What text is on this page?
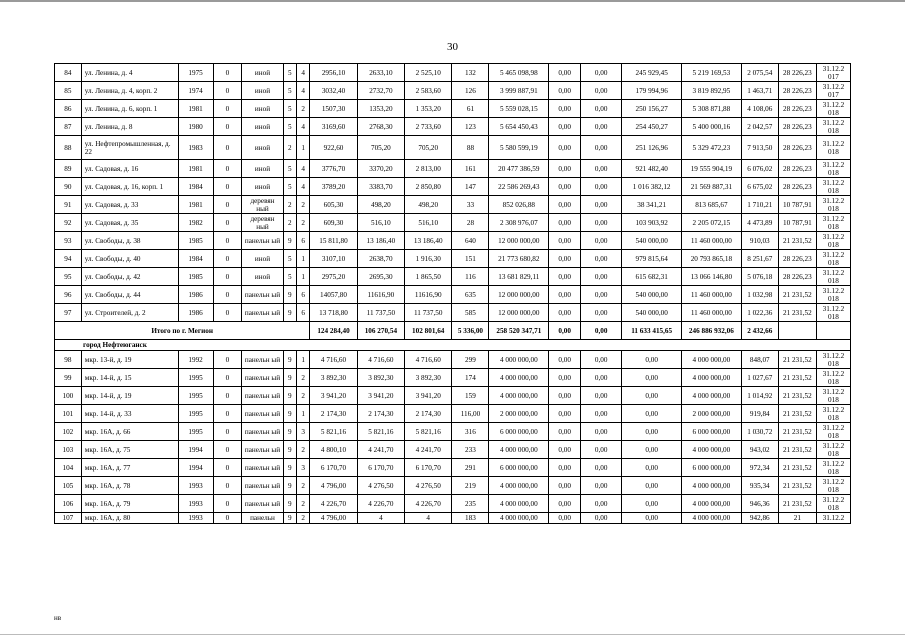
30
84	ул. Ленина, д. 4	1975	0	иной	5	4	2956,10	2633,10	2 525,10	132	5 465 098,98	0,00	0,00	245 929,45	5 219 169,53	2 075,54	28 226,23	31.12.2 017
85	ул. Ленина, д. 4, корп. 2	1974	0	иной	5	4	3032,40	2732,70	2 583,60	126	3 999 887,91	0,00	0,00	179 994,96	3 819 892,95	1 463,71	28 226,23	31.12.2 017
86	ул. Ленина, д. 6, корп. 1	1981	0	иной	5	2	1507,30	1353,20	1 353,20	61	5 559 028,15	0,00	0,00	250 156,27	5 308 871,88	4 108,06	28 226,23	31.12.2 018
87	ул. Ленина, д. 8	1980	0	иной	5	4	3169,60	2768,30	2 733,60	123	5 654 450,43	0,00	0,00	254 450,27	5 400 000,16	2 042,57	28 226,23	31.12.2 018
88	ул. Нефтепромышленная, д. 22	1983	0	иной	2	1	922,60	705,20	705,20	88	5 580 599,19	0,00	0,00	251 126,96	5 329 472,23	7 913,50	28 226,23	31.12.2 018
89	ул. Садовая, д. 16	1981	0	иной	5	4	3776,70	3370,20	2 813,00	161	20 477 386,59	0,00	0,00	921 482,40	19 555 904,19	6 076,02	28 226,23	31.12.2 018
90	ул. Садовая, д. 16, корп. 1	1984	0	иной	5	4	3789,20	3383,70	2 850,80	147	22 586 269,43	0,00	0,00	1 016 382,12	21 569 887,31	6 675,02	28 226,23	31.12.2 018
91	ул. Садовая, д. 33	1981	0	деревян ный	2	2	605,30	498,20	498,20	33	852 026,88	0,00	0,00	38 341,21	813 685,67	1 710,21	10 787,91	31.12.2 018
92	ул. Садовая, д. 35	1982	0	деревян ный	2	2	609,30	516,10	516,10	28	2 308 976,07	0,00	0,00	103 903,92	2 205 072,15	4 473,89	10 787,91	31.12.2 018
93	ул. Свободы, д. 38	1985	0	панельн ый	9	6	15 811,80	13 186,40	13 186,40	640	12 000 000,00	0,00	0,00	540 000,00	11 460 000,00	910,03	21 231,52	31.12.2 018
94	ул. Свободы, д. 40	1984	0	иной	5	1	3107,10	2638,70	1 916,30	151	21 773 680,82	0,00	0,00	979 815,64	20 793 865,18	8 251,67	28 226,23	31.12.2 018
95	ул. Свободы, д. 42	1985	0	иной	5	1	2975,20	2695,30	1 865,50	116	13 681 829,11	0,00	0,00	615 682,31	13 066 146,80	5 076,18	28 226,23	31.12.2 018
96	ул. Свободы, д. 44	1986	0	панельн ый	9	6	14057,80	11616,90	11616,90	635	12 000 000,00	0,00	0,00	540 000,00	11 460 000,00	1 032,98	21 231,52	31.12.2 018
97	ул. Строителей, д. 2	1986	0	панельн ый	9	6	13 718,80	11 737,50	11 737,50	585	12 000 000,00	0,00	0,00	540 000,00	11 460 000,00	1 022,36	21 231,52	31.12.2 018
Итого по г. Мегион							124 284,40	106 270,54	102 801,64	5 336,00	258 520 347,71	0,00	0,00	11 633 415,65	246 886 932,06	2 432,66		
город Нефтеюганск																		
98	мкр. 13-й, д. 19	1992	0	панельн ый	9	1	4 716,60	4 716,60	4 716,60	299	4 000 000,00	0,00	0,00	0,00	4 000 000,00	848,07	21 231,52	31.12.2 018
99	мкр. 14-й, д. 15	1995	0	панельн ый	9	2	3 892,30	3 892,30	3 892,30	174	4 000 000,00	0,00	0,00	0,00	4 000 000,00	1 027,67	21 231,52	31.12.2 018
100	мкр. 14-й, д. 19	1995	0	панельн ый	9	2	3 941,20	3 941,20	3 941,20	159	4 000 000,00	0,00	0,00	0,00	4 000 000,00	1 014,92	21 231,52	31.12.2 018
101	мкр. 14-й, д. 33	1995	0	панельн ый	9	1	2 174,30	2 174,30	2 174,30	116,00	2 000 000,00	0,00	0,00	0,00	2 000 000,00	919,84	21 231,52	31.12.2 018
102	мкр. 16А, д. 66	1995	0	панельн ый	9	3	5 821,16	5 821,16	5 821,16	316	6 000 000,00	0,00	0,00	0,00	6 000 000,00	1 030,72	21 231,52	31.12.2 018
103	мкр. 16А, д. 75	1994	0	панельн ый	9	2	4 800,10	4 241,70	4 241,70	233	4 000 000,00	0,00	0,00	0,00	4 000 000,00	943,02	21 231,52	31.12.2 018
104	мкр. 16А, д. 77	1994	0	панельн ый	9	3	6 170,70	6 170,70	6 170,70	291	6 000 000,00	0,00	0,00	0,00	6 000 000,00	972,34	21 231,52	31.12.2 018
105	мкр. 16А, д. 78	1993	0	панельн ый	9	2	4 796,00	4 276,50	4 276,50	219	4 000 000,00	0,00	0,00	0,00	4 000 000,00	935,34	21 231,52	31.12.2 018
106	мкр. 16А, д. 79	1993	0	панельн ый	9	2	4 226,70	4 226,70	4 226,70	235	4 000 000,00	0,00	0,00	0,00	4 000 000,00	946,36	21 231,52	31.12.2 018
107	мкр. 16А, д. 80	1993	0	панельн	9	2	4 796,00	4	4	183	4 000 000,00	0,00	0,00	0,00	4 000 000,00	942,86	21	31.12.2
нв
